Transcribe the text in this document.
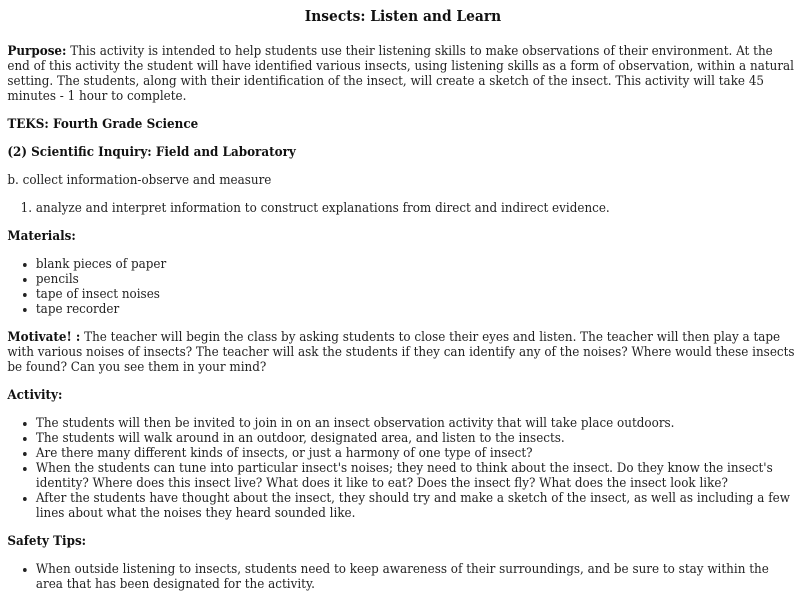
Insects: Listen and Learn

Purpose: This activity is intended to help students use their listening skills to make observations of their environment. At the end of this activity the student will have identified various insects, using listening skills as a form of observation, within a natural setting. The students, along with their identification of the insect, will create a sketch of the insect. This activity will take 45 minutes - 1 hour to complete.

TEKS: Fourth Grade Science

(2) Scientific Inquiry: Field and Laboratory

b. collect information-observe and measure

1. analyze and interpret information to construct explanations from direct and indirect evidence.

Materials:

• blank pieces of paper
• pencils
• tape of insect noises
• tape recorder

Motivate! : The teacher will begin the class by asking students to close their eyes and listen. The teacher will then play a tape with various noises of insects? The teacher will ask the students if they can identify any of the noises? Where would these insects be found? Can you see them in your mind?

Activity:

• The students will then be invited to join in on an insect observation activity that will take place outdoors.
• The students will walk around in an outdoor, designated area, and listen to the insects.
• Are there many different kinds of insects, or just a harmony of one type of insect?
• When the students can tune into particular insect's noises; they need to think about the insect. Do they know the insect's identity? Where does this insect live? What does it like to eat? Does the insect fly? What does the insect look like?
• After the students have thought about the insect, they should try and make a sketch of the insect, as well as including a few lines about what the noises they heard sounded like.

Safety Tips:

• When outside listening to insects, students need to keep awareness of their surroundings, and be sure to stay within the area that has been designated for the activity.
